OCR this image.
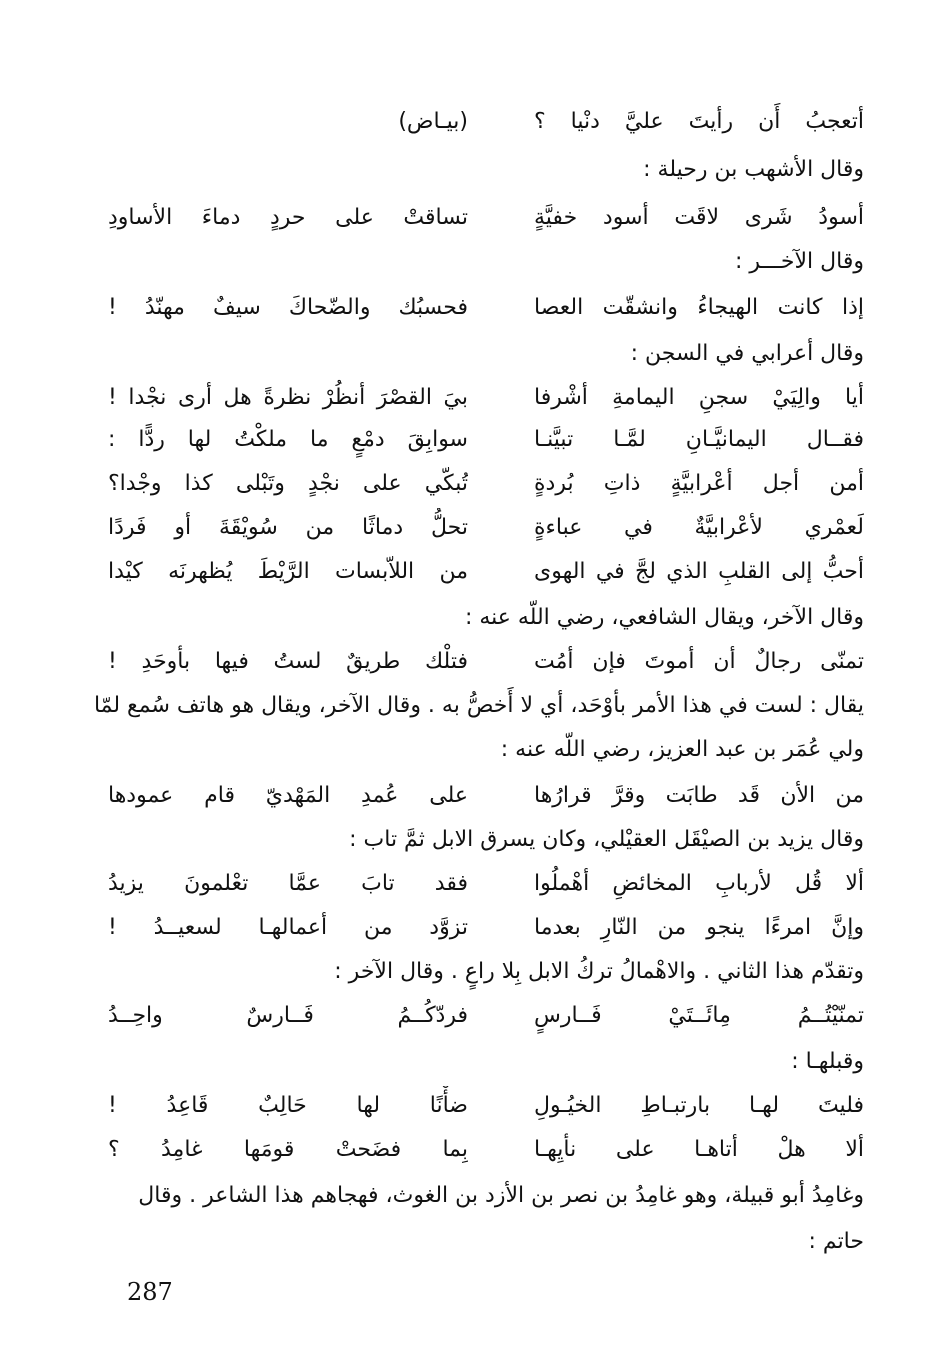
أتعجبُ أَن رأيتَ عليَّ دنْيا ؟
(بيـاض)
وقال الأشهب بن رحيلة :
أسودُ شَرى لاقَت أسود خفيَّةٍ
تساقتْ على حردٍ دماءَ الأساودِ
وقال الآخـــر :
إذا كانت الهيجاءُ وانشقّت العصا
فحسبُك والضّحاكَ سيفٌ مهنّدُ !
وقال أعرابي في السجن :
أيا والِيَيْ سجنِ اليمامةِ أشْرفا
بيَ القصْرَ أنظُرْ نظرةً هل أرى نجْدا !
فقــال اليمانيَّـانِ لمَّـا تبيَّنـا
سوابِقَ دمْعٍ ما ملكْتُ لها ردًّا :
أمن أجل أعْرابيَّةٍ ذاتِ بُردةٍ
تُبكّي على نجْدٍ وتَبْلى كذا وجْدا؟
لَعمْري لأعْرابيَّةٌ في عباءةٍ
تحلُّ دماثًا من سُويْقَةَ أو فَردًا
أحبُّ إلى القلبِ الذي لجَّ في الهوى
من اللاّبسات الرَّيْطَ يُظهرنَه كيْدا
وقال الآخر، ويقال الشافعي، رضي اللّه عنه :
تمنّى رجالٌ أن أموتَ فإن أمُت
فتلْك طريقٌ لستُ فيها بأوحَدِ !
يقال : لست في هذا الأمر بأوْحَد، أي لا أَخصُّ به . وقال الآخر، ويقال هو هاتف سُمع لمّا
ولي عُمَر بن عبد العزيز، رضي اللّه عنه :
من الأن قَد طابَت وقرَّ قرارُها
على عُمدِ المَهْديّ قام عمودها
وقال يزيد بن الصيْقَل العقيْلي، وكان يسرق الابل ثمَّ تاب :
ألا قُل لأربابِ المخائضِ أهْملُوا
فقد تابَ عمَّا تعْلمونَ يزيدُ
وإنَّ امرءًا ينجو من النّارِ بعدما
تزوَّد من أعمالهـا لسعيــدُ !
وتقدّم هذا الثاني . والاهْمالُ تركُ الابل بِلا راعٍ . وقال الآخر :
تمنّيْتُــمُ مِائَــتَيْ فَــارسٍ
فردّكُــمُ فَــارسٌ واحِــدُ
وقبلهـا :
فليتَ لهـا بارتبـاطِ الخيُـولِ
ضأْنًا لها حَالِبٌ قَاعِدُ !
ألا هلْ أتاهـا على نأيِهـا
بِما فضَحتْ قومَها غامِدُ ؟
وغامِدُ أبو قبيلة، وهو غامِدُ بن نصر بن الأزد بن الغوث، فهجاهم هذا الشاعر . وقال
حاتم :
287
